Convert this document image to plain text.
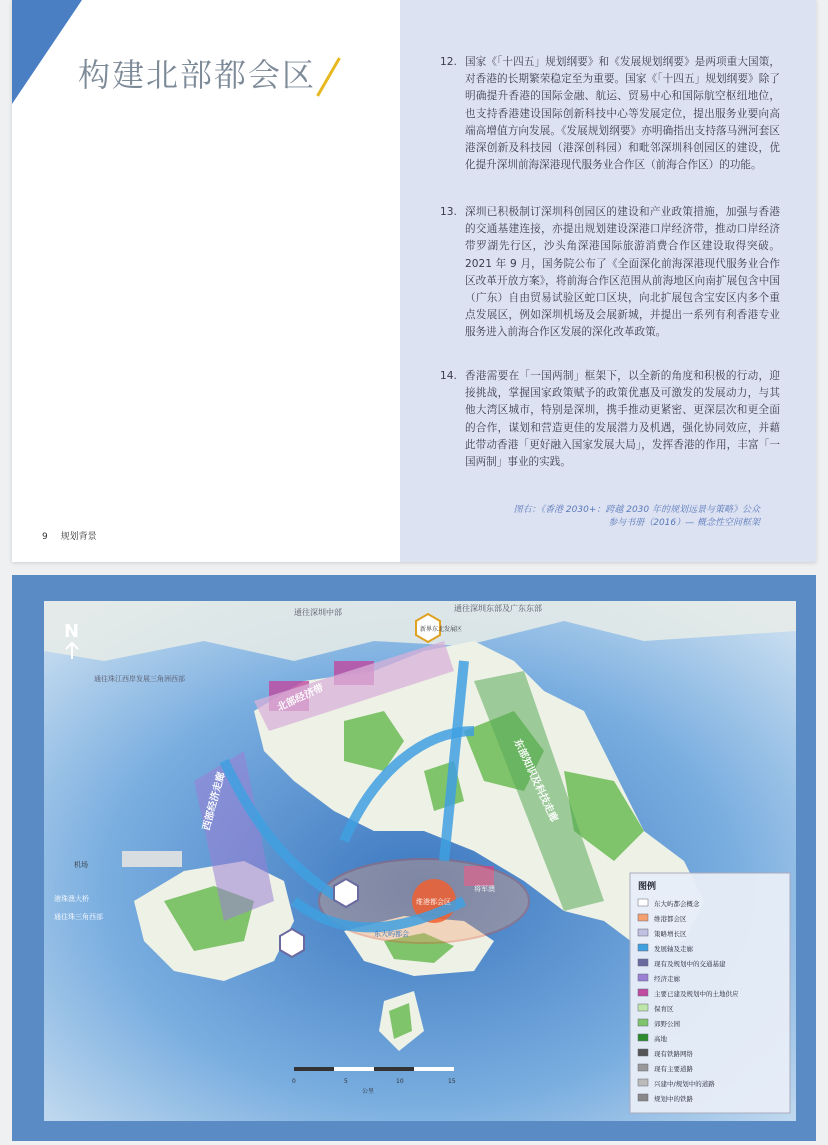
构建北部都会区
9 规划背景
12. 国家《「十四五」规划纲要》和《发展规划纲要》是两项重大国策，对香港的长期繁荣稳定至为重要。国家《「十四五」规划纲要》除了明确提升香港的国际金融、航运、贸易中心和国际航空枢纽地位，也支持香港建设国际创新科技中心等发展定位，提出服务业要向高端高增值方向发展。《发展规划纲要》亦明确指出支持落马洲河套区港深创新及科技园（港深创科园）和毗邻深圳科创园区的建设，优化提升深圳前海深港现代服务业合作区（前海合作区）的功能。
13. 深圳已积极制订深圳科创园区的建设和产业政策措施，加强与香港的交通基建连接，亦提出规划建设深港口岸经济带，推动口岸经济带罗湖先行区，沙头角深港国际旅游消费合作区建设取得突破。2021 年 9 月，国务院公布了《全面深化前海深港现代服务业合作区改革开放方案》，将前海合作区范围从前海地区向南扩展包含中国（广东）自由贸易试验区蛇口区块，向北扩展包含宝安区内多个重点发展区，例如深圳机场及会展新城，并提出一系列有利香港专业服务进入前海合作区发展的深化改革政策。
14. 香港需要在「一国两制」框架下，以全新的角度和积极的行动，迎接挑战，掌握国家政策赋予的政策优惠及可激发的发展动力，与其他大湾区城市，特别是深圳，携手推动更紧密、更深层次和更全面的合作，谋划和营造更佳的发展潜力及机遇，强化协同效应，并藉此带动香港「更好融入国家发展大局」，发挥香港的作用，丰富「一国两制」事业的实践。
图右：《香港 2030+：跨越 2030 年的规划远景与策略》公众参与书册（2016）— 概念性空间框架
N
通往深圳中部	通往深圳东部及广东东部
通往珠江西岸发展三角洲西部
北部经济带
东部知识及科技走廊
西部经济走廊
新界东北发展区
机场
港珠澳大桥
通往珠三角西部
维港都会区
东大屿都会
将军澳
0	5	10	15
公里
图例
东大屿都会概念
维港都会区
策略增长区
发展轴及走廊
现有及规划中的交通基建
经济走廊
主要已建及规划中的土地供应
保育区
郊野公园
高地
现有铁路网络
现有主要道路
兴建中/规划中的道路
规划中的铁路
